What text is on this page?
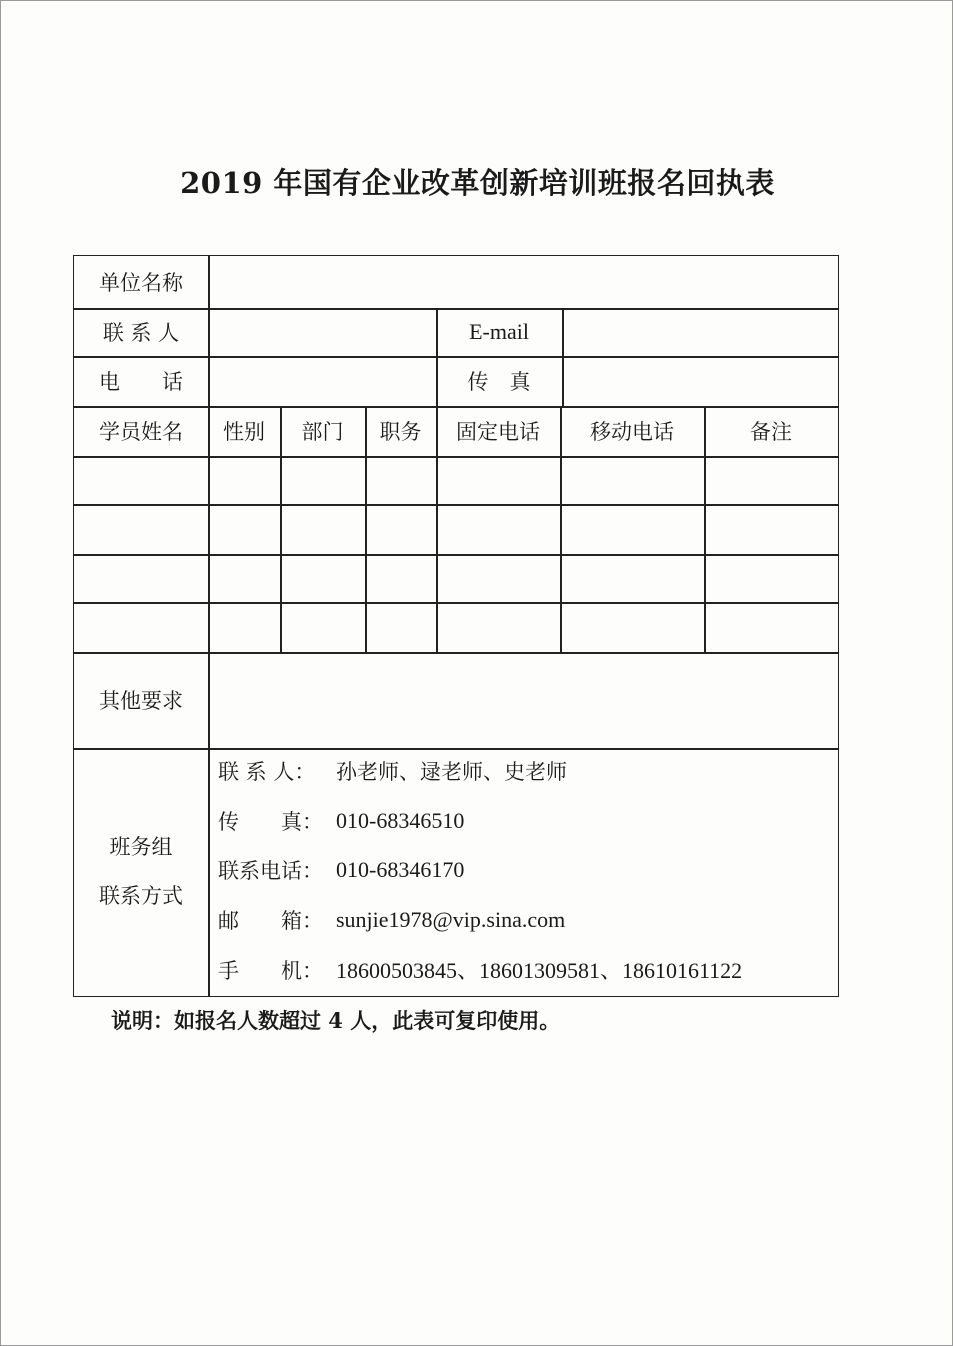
2019 年国有企业改革创新培训班报名回执表
单位名称
联 系 人	E-mail
电　　话	传　真
学员姓名	性别	部门	职务	固定电话	移动电话	备注
其他要求
班务组
联系方式
联 系 人： 孙老师、逯老师、史老师
传　　真： 010-68346510
联系电话： 010-68346170
邮　　箱： sunjie1978@vip.sina.com
手　　机： 18600503845、18601309581、18610161122
说明：如报名人数超过 4 人，此表可复印使用。
